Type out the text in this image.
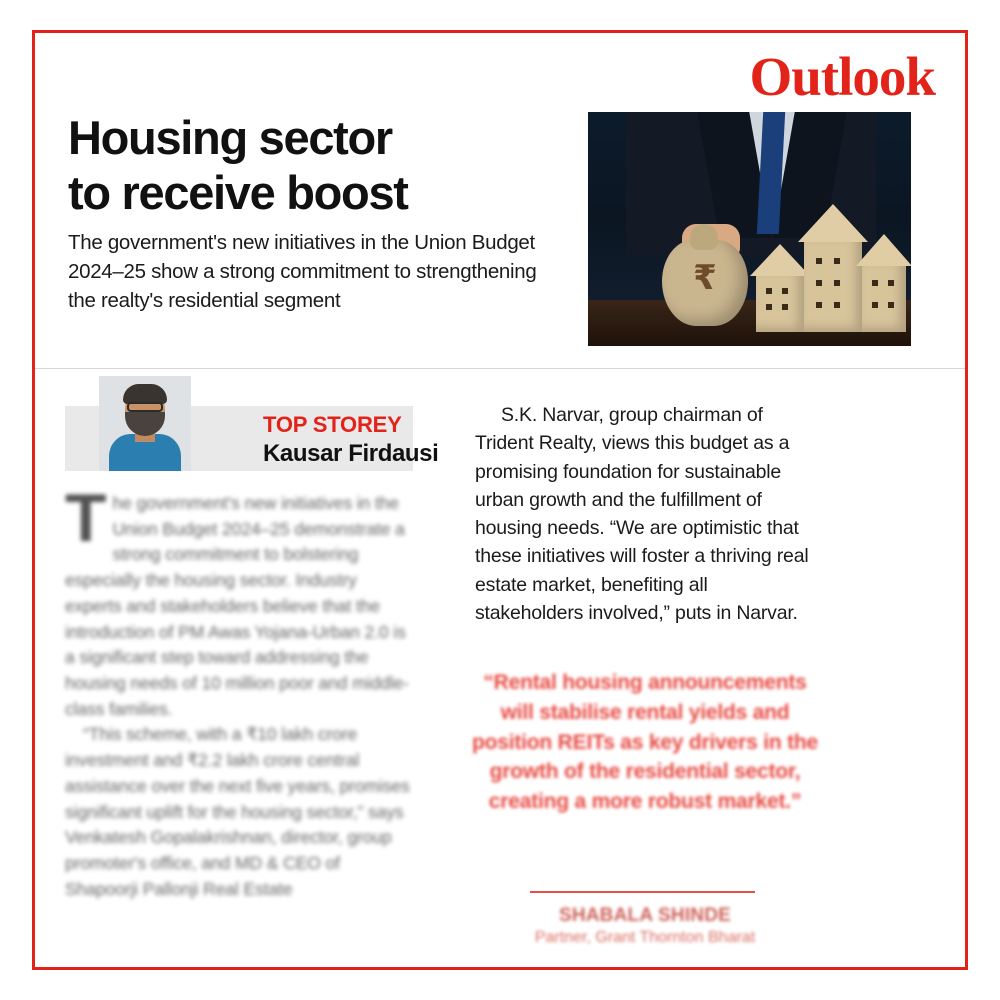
Outlook
Housing sector
to receive boost
The government's new initiatives in the Union Budget 2024–25 show a strong commitment to strengthening the realty's residential segment
₹
TOP STOREY
Kausar Firdausi

The government's new initiatives in the Union Budget 2024–25 demonstrate a strong commitment to bolstering especially the housing sector. Industry experts and stakeholders believe that the introduction of PM Awas Yojana-Urban 2.0 is a significant step toward addressing the housing needs of 10 million poor and middle-class families.

“This scheme, with a ₹10 lakh crore investment and ₹2.2 lakh crore central assistance over the next five years, promises significant uplift for the housing sector,” says Venkatesh Gopalakrishnan, director, group promoter's office, and MD & CEO of Shapoorji Pallonji Real Estate

S.K. Narvar, group chairman of Trident Realty, views this budget as a promising foundation for sustainable urban growth and the fulfillment of housing needs. “We are optimistic that these initiatives will foster a thriving real estate market, benefiting all stakeholders involved,” puts in Narvar.

“Rental housing announcements will stabilise rental yields and position REITs as key drivers in the growth of the residential sector, creating a more robust market.”
SHABALA SHINDE
Partner, Grant Thornton Bharat
